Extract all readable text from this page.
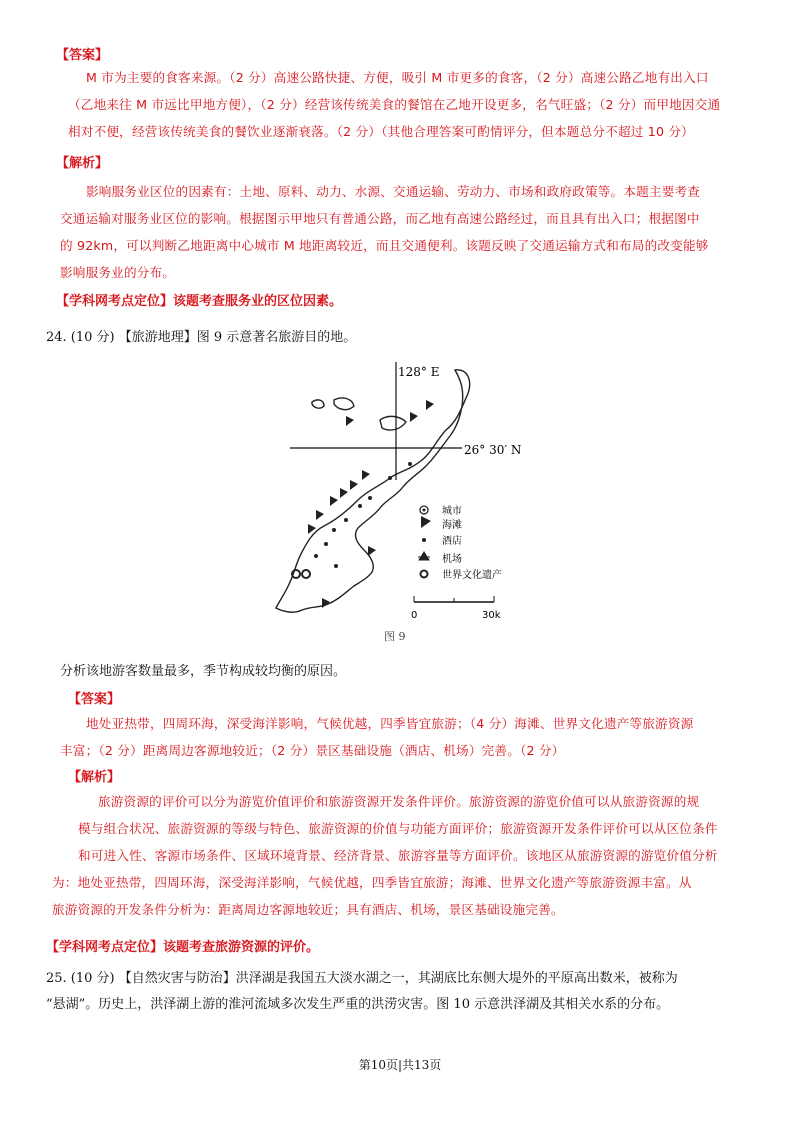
【答案】
M 市为主要的食客来源。（2 分）高速公路快捷、方便，吸引 M 市更多的食客，（2 分）高速公路乙地有出入口
（乙地来往 M 市远比甲地方便），（2 分）经营该传统美食的餐馆在乙地开设更多，名气旺盛；（2 分）而甲地因交通
相对不便，经营该传统美食的餐饮业逐渐衰落。（2 分）（其他合理答案可酌情评分，但本题总分不超过 10 分）
【解析】
影响服务业区位的因素有：土地、原料、动力、水源、交通运输、劳动力、市场和政府政策等。本题主要考查
交通运输对服务业区位的影响。根据图示甲地只有普通公路，而乙地有高速公路经过，而且具有出入口；根据图中
的 92km，可以判断乙地距离中心城市 M 地距离较近，而且交通便利。该题反映了交通运输方式和布局的改变能够
影响服务业的分布。
【学科网考点定位】该题考查服务业的区位因素。
24. (10 分) 【旅游地理】图 9 示意著名旅游目的地。
128° E
26° 30′ N
城市
海滩
酒店
机场
世界文化遗产
0	30k
图 9
分析该地游客数量最多，季节构成较均衡的原因。
【答案】
地处亚热带，四周环海，深受海洋影响，气候优越，四季皆宜旅游；（4 分）海滩、世界文化遗产等旅游资源
丰富；（2 分）距离周边客源地较近；（2 分）景区基础设施（酒店、机场）完善。（2 分）
【解析】
旅游资源的评价可以分为游览价值评价和旅游资源开发条件评价。旅游资源的游览价值可以从旅游资源的规
模与组合状况、旅游资源的等级与特色、旅游资源的价值与功能方面评价；旅游资源开发条件评价可以从区位条件
和可进入性、客源市场条件、区域环境背景、经济背景、旅游容量等方面评价。该地区从旅游资源的游览价值分析
为：地处亚热带，四周环海，深受海洋影响，气候优越，四季皆宜旅游；海滩、世界文化遗产等旅游资源丰富。从
旅游资源的开发条件分析为：距离周边客源地较近；具有酒店、机场，景区基础设施完善。
【学科网考点定位】该题考查旅游资源的评价。
25. (10 分) 【自然灾害与防治】洪泽湖是我国五大淡水湖之一，其湖底比东侧大堤外的平原高出数米，被称为
“悬湖”。历史上，洪泽湖上游的淮河流域多次发生严重的洪涝灾害。图 10 示意洪泽湖及其相关水系的分布。
第10页|共13页
